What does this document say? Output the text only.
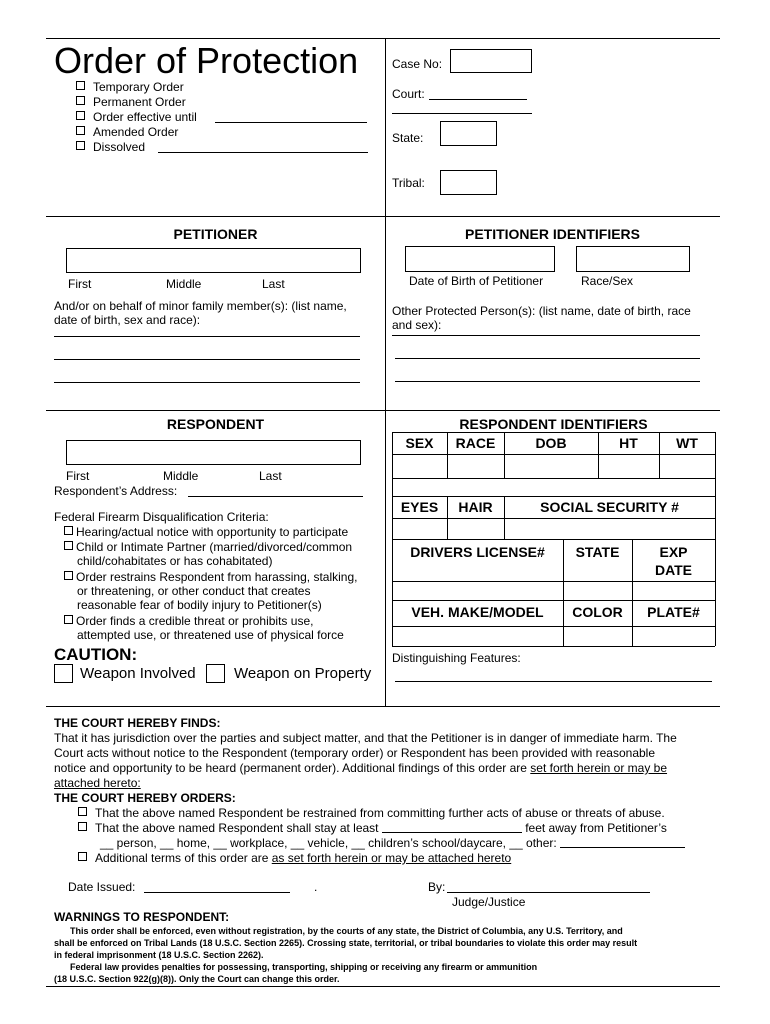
Order of Protection
Temporary Order
Permanent Order
Order effective until
Amended Order
Dissolved
Case No:
Court:
State:
Tribal:
PETITIONER
First	Middle	Last
And/or on behalf of minor family member(s): (list name, date of birth, sex and race):
PETITIONER IDENTIFIERS
Date of Birth of Petitioner	Race/Sex
Other Protected Person(s): (list name, date of birth, race and sex):
RESPONDENT
First	Middle	Last
Respondent’s Address:
Federal Firearm Disqualification Criteria:
Hearing/actual notice with opportunity to participate
Child or Intimate Partner (married/divorced/common
child/cohabitates or has cohabitated)
Order restrains Respondent from harassing, stalking,
or threatening, or other conduct that creates
reasonable fear of bodily injury to Petitioner(s)
Order finds a credible threat or prohibits use,
attempted use, or threatened use of physical force
CAUTION:
Weapon Involved	Weapon on Property
RESPONDENT IDENTIFIERS
SEX	RACE	DOB	HT	WT
EYES	HAIR	SOCIAL SECURITY #
DRIVERS LICENSE#	STATE	EXP
DATE
VEH. MAKE/MODEL	COLOR	PLATE#
Distinguishing Features:
THE COURT HEREBY FINDS:
That it has jurisdiction over the parties and subject matter, and that the Petitioner is in danger of immediate harm. The
Court acts without notice to the Respondent (temporary order) or Respondent has been provided with reasonable
notice and opportunity to be heard (permanent order). Additional findings of this order are set forth herein or may be
attached hereto:
THE COURT HEREBY ORDERS:
That the above named Respondent be restrained from committing further acts of abuse or threats of abuse.
That the above named Respondent shall stay at least	feet away from Petitioner’s
__ person, __ home, __ workplace, __ vehicle, __ children’s school/daycare, __ other:
Additional terms of this order are as set forth herein or may be attached hereto
Date Issued:	.	By:
Judge/Justice
WARNINGS TO RESPONDENT:
This order shall be enforced, even without registration, by the courts of any state, the District of Columbia, any U.S. Territory, and
shall be enforced on Tribal Lands (18 U.S.C. Section 2265). Crossing state, territorial, or tribal boundaries to violate this order may result
in federal imprisonment (18 U.S.C. Section 2262).
Federal law provides penalties for possessing, transporting, shipping or receiving any firearm or ammunition
(18 U.S.C. Section 922(g)(8)). Only the Court can change this order.
